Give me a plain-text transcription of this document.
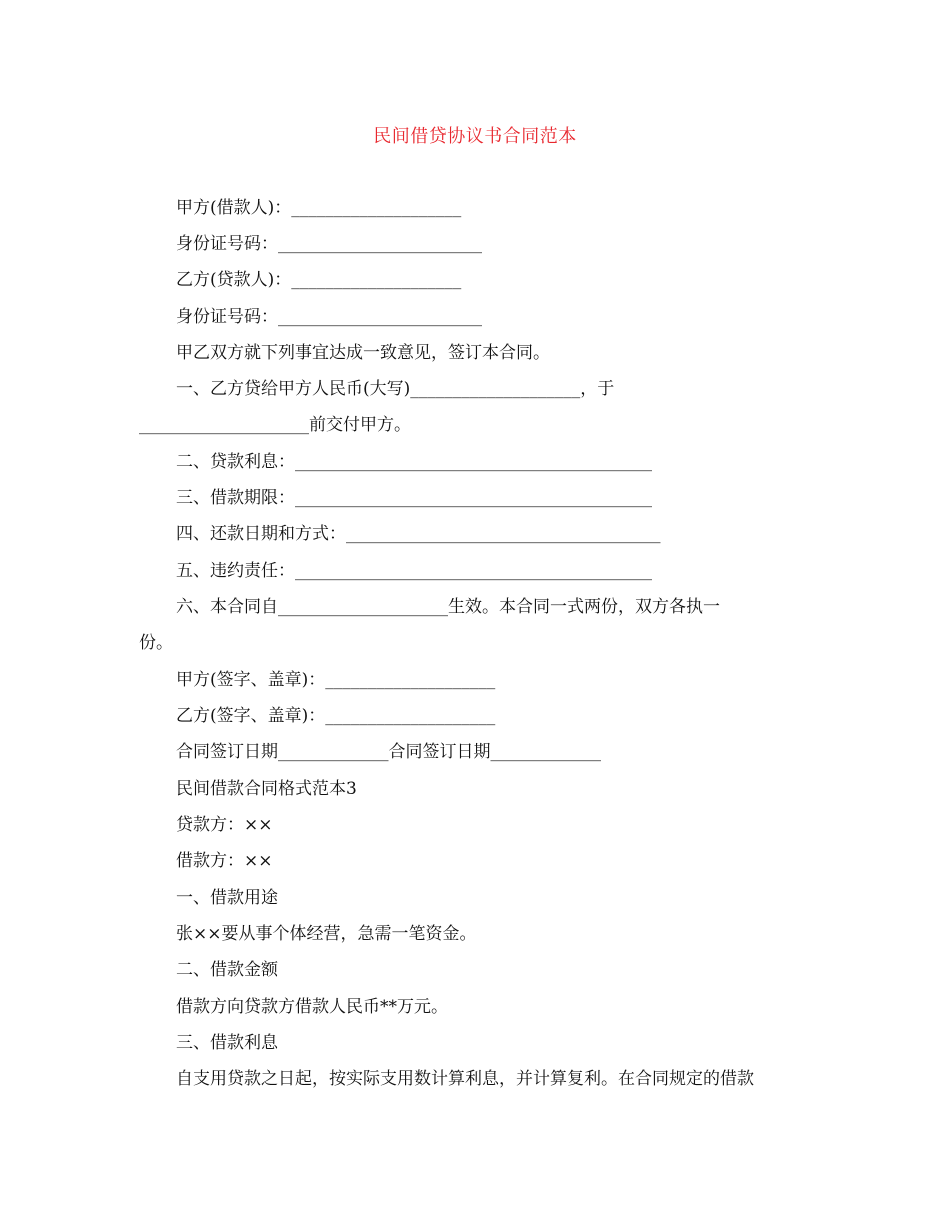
民间借贷协议书合同范本
甲方(借款人)：____________________
身份证号码：________________________
乙方(贷款人)：____________________
身份证号码：________________________
甲乙双方就下列事宜达成一致意见，签订本合同。
一、乙方贷给甲方人民币(大写)____________________，于
____________________前交付甲方。
二、贷款利息：__________________________________________
三、借款期限：__________________________________________
四、还款日期和方式：_____________________________________
五、违约责任：__________________________________________
六、本合同自____________________生效。本合同一式两份，双方各执一
份。
甲方(签字、盖章)：____________________
乙方(签字、盖章)：____________________
合同签订日期_____________合同签订日期_____________
民间借款合同格式范本3
贷款方：××
借款方：××
一、借款用途
张××要从事个体经营，急需一笔资金。
二、借款金额
借款方向贷款方借款人民币**万元。
三、借款利息
自支用贷款之日起，按实际支用数计算利息，并计算复利。在合同规定的借款
